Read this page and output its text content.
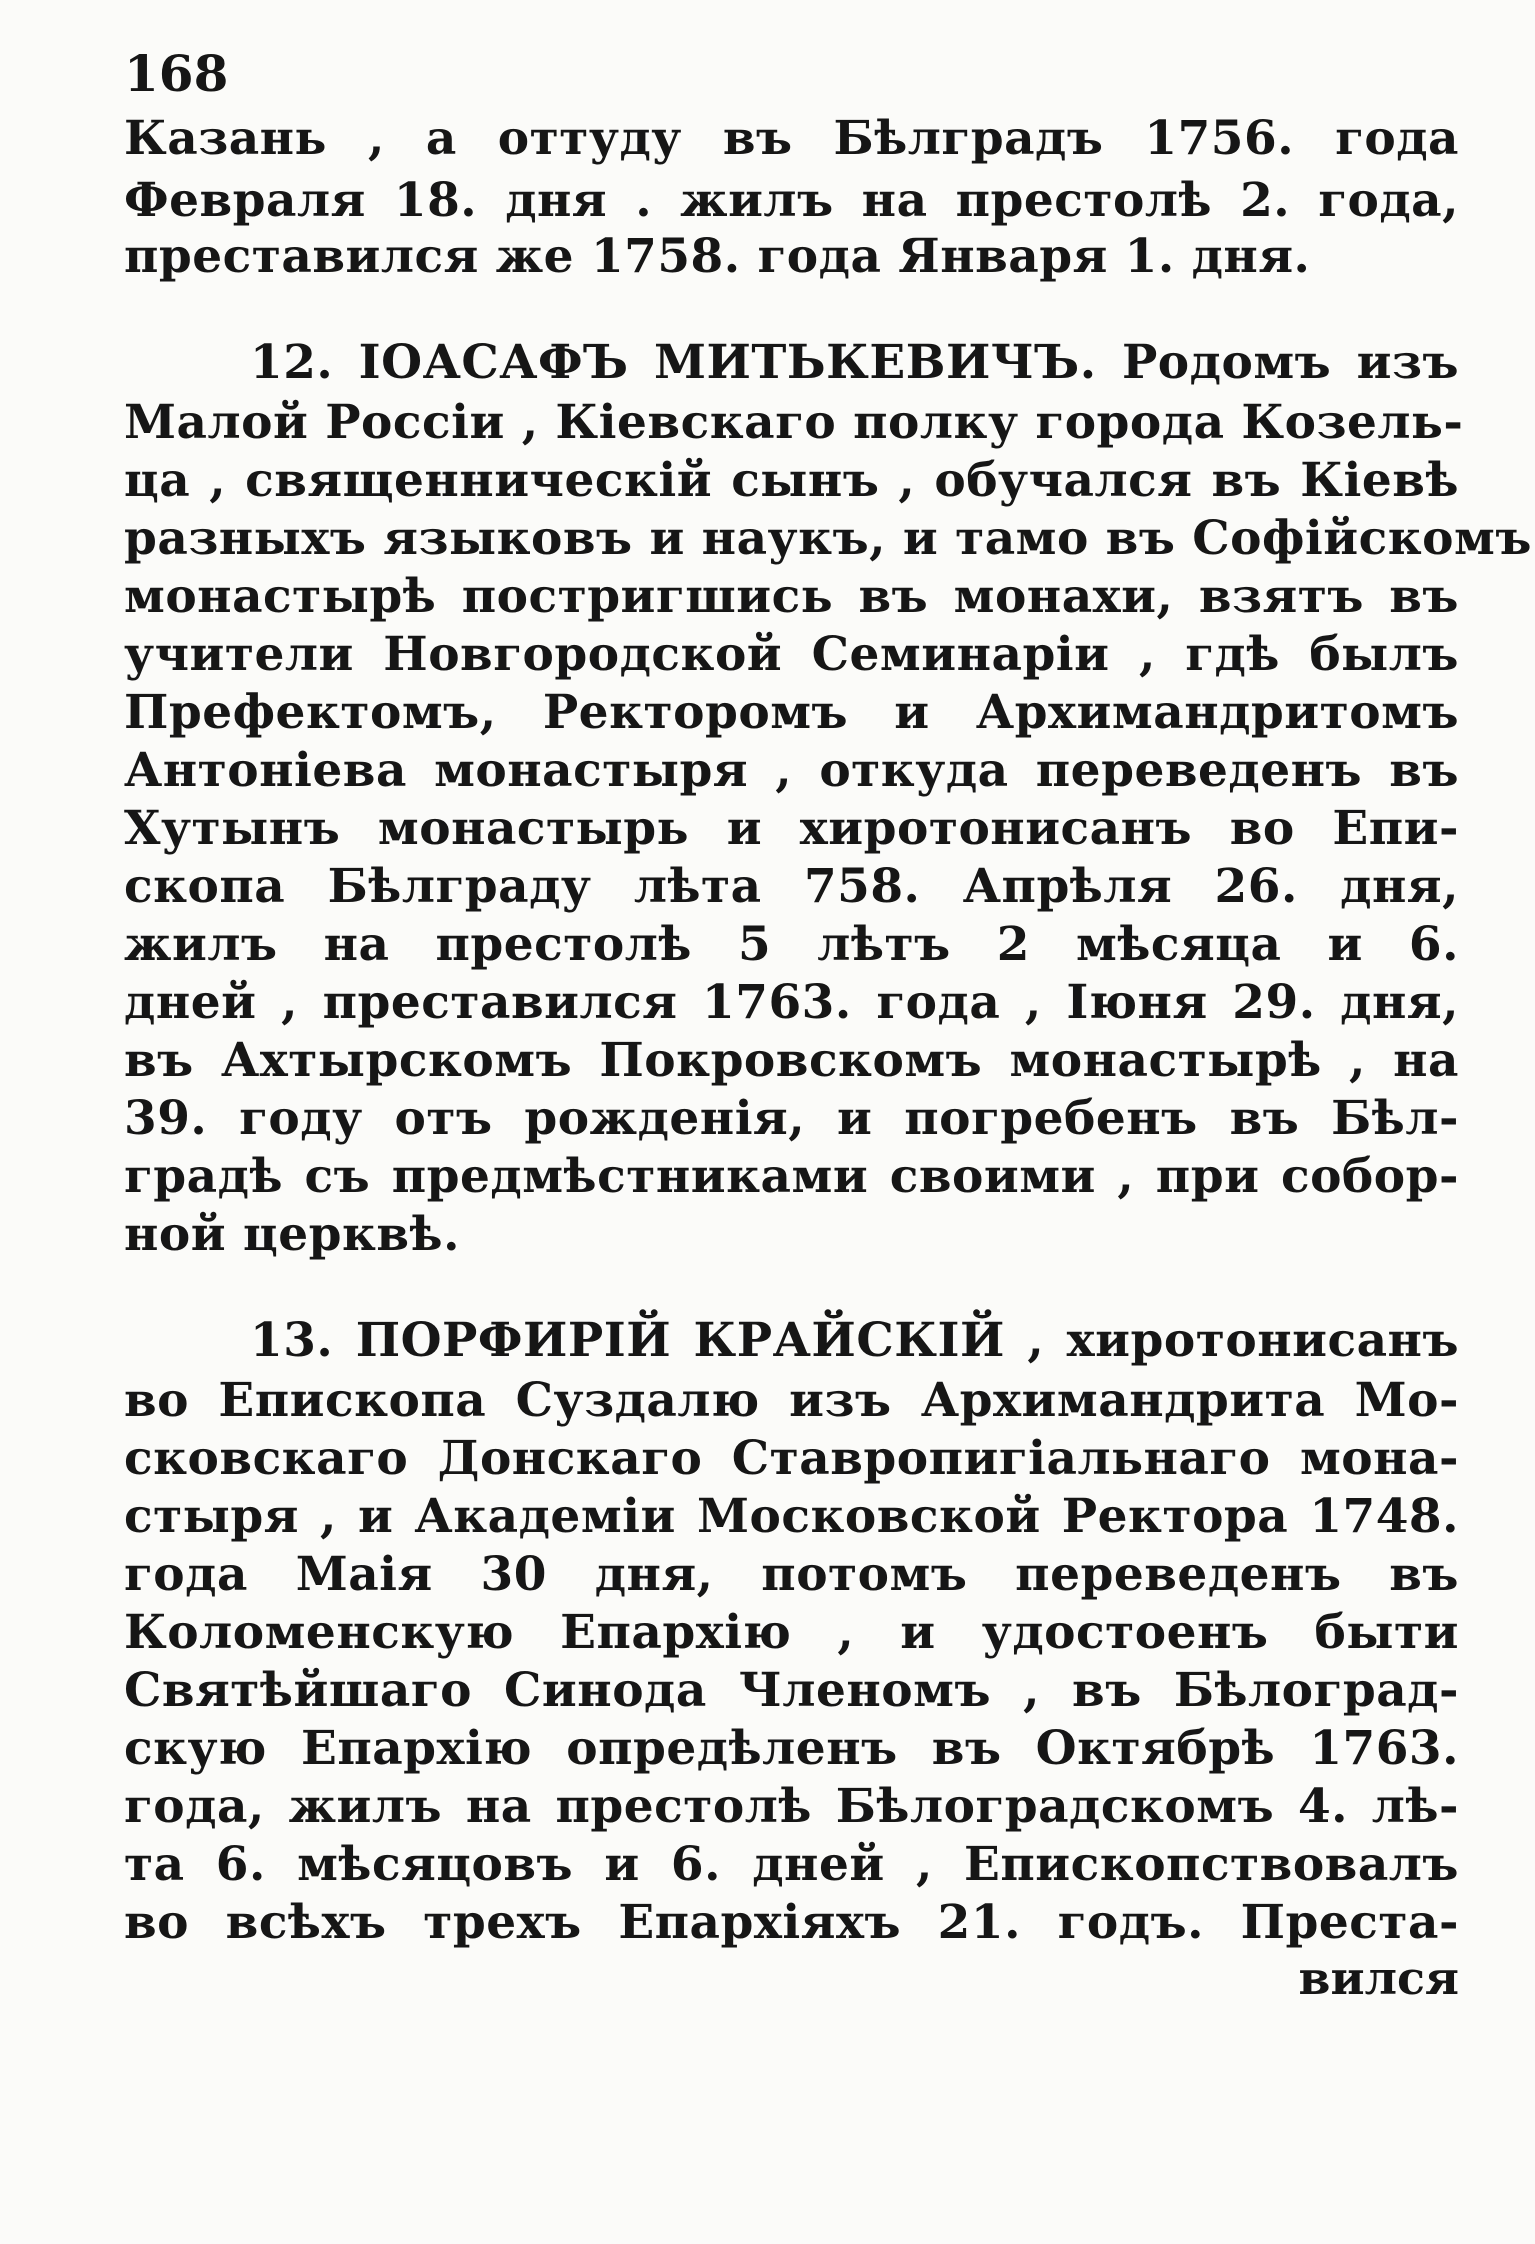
168
Казань , а оттуду въ Бѣлградъ 1756. года
Февраля 18. дня . жилъ на престолѣ 2. года,
преставился же 1758. года Января 1. дня.
12. IОАСАФЪ МИТЬКЕВИЧЪ. Родомъ изъ
Малой Россiи , Кiевскаго полку города Козель-
ца , священническiй сынъ , обучался въ Кiевѣ
разныхъ языковъ и наукъ, и тамо въ Софiйскомъ
монастырѣ постригшись въ монахи, взятъ въ
учители Новгородской Семинарiи , гдѣ былъ
Префектомъ, Ректоромъ и Архимандритомъ
Антонiева монастыря , откуда переведенъ въ
Хутынъ монастырь и хиротонисанъ во Епи-
скопа Бѣлграду лѣта 758. Апрѣля 26. дня,
жилъ на престолѣ 5 лѣтъ 2 мѣсяца и 6.
дней , преставился 1763. года , Iюня 29. дня,
въ Ахтырскомъ Покровскомъ монастырѣ , на
39. году отъ рожденiя, и погребенъ въ Бѣл-
градѣ съ предмѣстниками своими , при собор-
ной церквѣ.
13. ПОРФИРIЙ КРАЙСКIЙ , хиротонисанъ
во Епископа Суздалю изъ Архимандрита Мо-
сковскаго Донскаго Ставропигiальнаго мона-
стыря , и Академiи Московской Ректора 1748.
года Маiя 30 дня, потомъ переведенъ въ
Коломенскую Епархiю , и удостоенъ быти
Святѣйшаго Синода Членомъ , въ Бѣлоград-
скую Епархiю опредѣленъ въ Октябрѣ 1763.
года, жилъ на престолѣ Бѣлоградскомъ 4. лѣ-
та 6. мѣсяцовъ и 6. дней , Епископствовалъ
во всѣхъ трехъ Епархiяхъ 21. годъ. Преста-
вился
